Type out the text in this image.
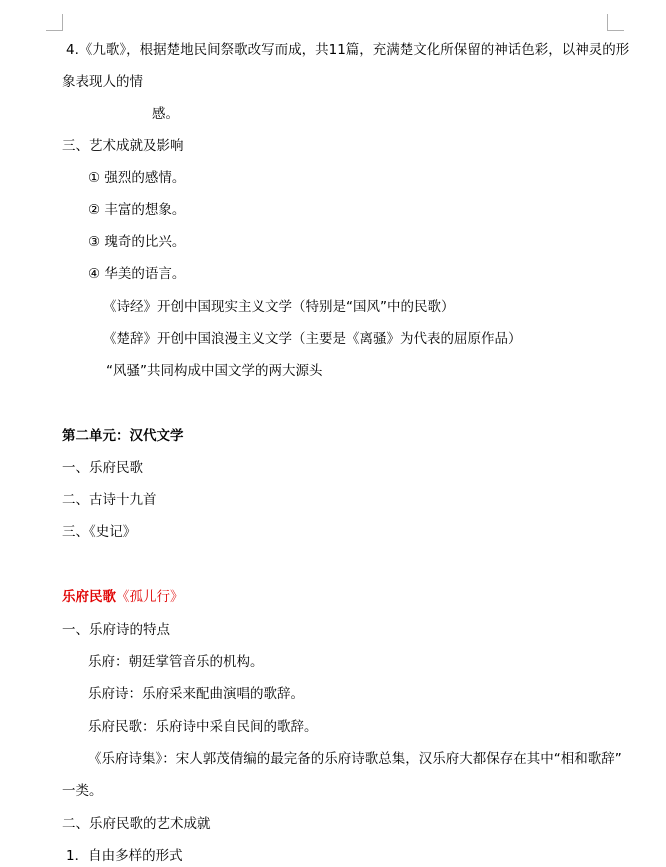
4.《九歌》，根据楚地民间祭歌改写而成，共11篇，充满楚文化所保留的神话色彩，以神灵的形
象表现人的情
感。
三、艺术成就及影响
① 强烈的感情。
② 丰富的想象。
③ 瑰奇的比兴。
④ 华美的语言。
《诗经》开创中国现实主义文学（特别是“国风”中的民歌）
《楚辞》开创中国浪漫主义文学（主要是《离骚》为代表的屈原作品）
“风骚”共同构成中国文学的两大源头
第二单元：汉代文学
一、乐府民歌
二、古诗十九首
三、《史记》
乐府民歌《孤儿行》
一、乐府诗的特点
乐府：朝廷掌管音乐的机构。
乐府诗：乐府采来配曲演唱的歌辞。
乐府民歌：乐府诗中采自民间的歌辞。
《乐府诗集》：宋人郭茂倩编的最完备的乐府诗歌总集，汉乐府大都保存在其中“相和歌辞”
一类。
二、乐府民歌的艺术成就
1．自由多样的形式
